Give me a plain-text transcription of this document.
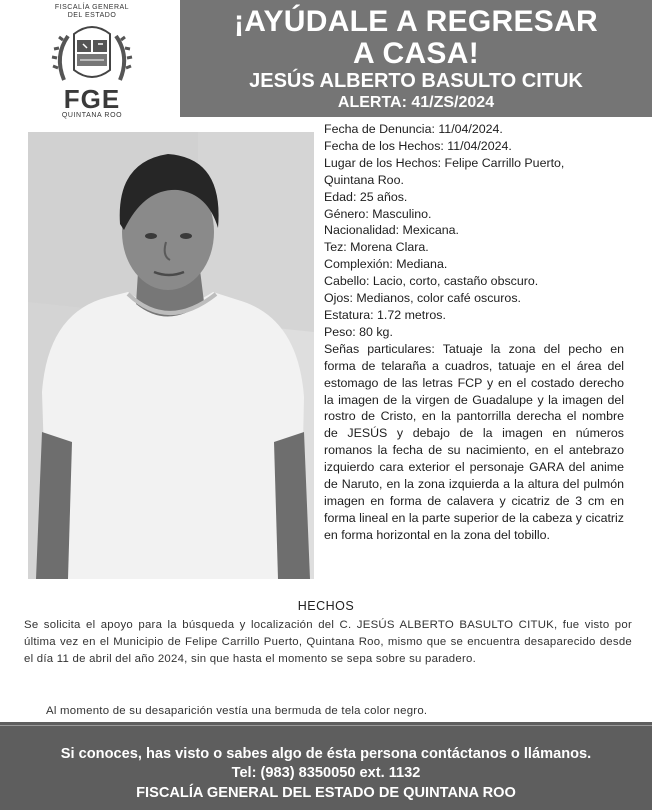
FISCALÍA GENERAL
DEL ESTADO
FGE
QUINTANA ROO
¡AYÚDALE A REGRESAR
A CASA!
JESÚS ALBERTO BASULTO CITUK
ALERTA: 41/ZS/2024
Fecha de Denuncia: 11/04/2024.
Fecha de los Hechos: 11/04/2024.
Lugar de los Hechos: Felipe Carrillo Puerto,
Quintana Roo.
Edad: 25 años.
Género: Masculino.
Nacionalidad: Mexicana.
Tez: Morena Clara.
Complexión: Mediana.
Cabello: Lacio, corto, castaño obscuro.
Ojos: Medianos, color café oscuros.
Estatura: 1.72 metros.
Peso: 80 kg.
Señas particulares: Tatuaje la zona del pecho en forma de telaraña a cuadros, tatuaje en el área del estomago de las letras FCP y en el costado derecho la imagen de la virgen de Guadalupe y la imagen del rostro de Cristo, en la pantorrilla derecha el nombre de JESÚS y debajo de la imagen en números romanos la fecha de su nacimiento, en el antebrazo izquierdo cara exterior el personaje GARA del anime de Naruto, en la zona izquierda a la altura del pulmón imagen en forma de calavera y cicatriz de 3 cm en forma lineal en la parte superior de la cabeza y cicatriz en forma horizontal en la zona del tobillo.
HECHOS
Se solicita el apoyo para la búsqueda y localización del C. JESÚS ALBERTO BASULTO CITUK, fue visto por última vez en el Municipio de Felipe Carrillo Puerto, Quintana Roo, mismo que se encuentra desaparecido desde el día 11 de abril del año 2024, sin que hasta el momento se sepa sobre su paradero.
Al momento de su desaparición vestía una bermuda de tela color negro.
Si conoces, has visto o sabes algo de ésta persona contáctanos o llámanos.
Tel: (983) 8350050 ext. 1132
FISCALÍA GENERAL DEL ESTADO DE QUINTANA ROO
